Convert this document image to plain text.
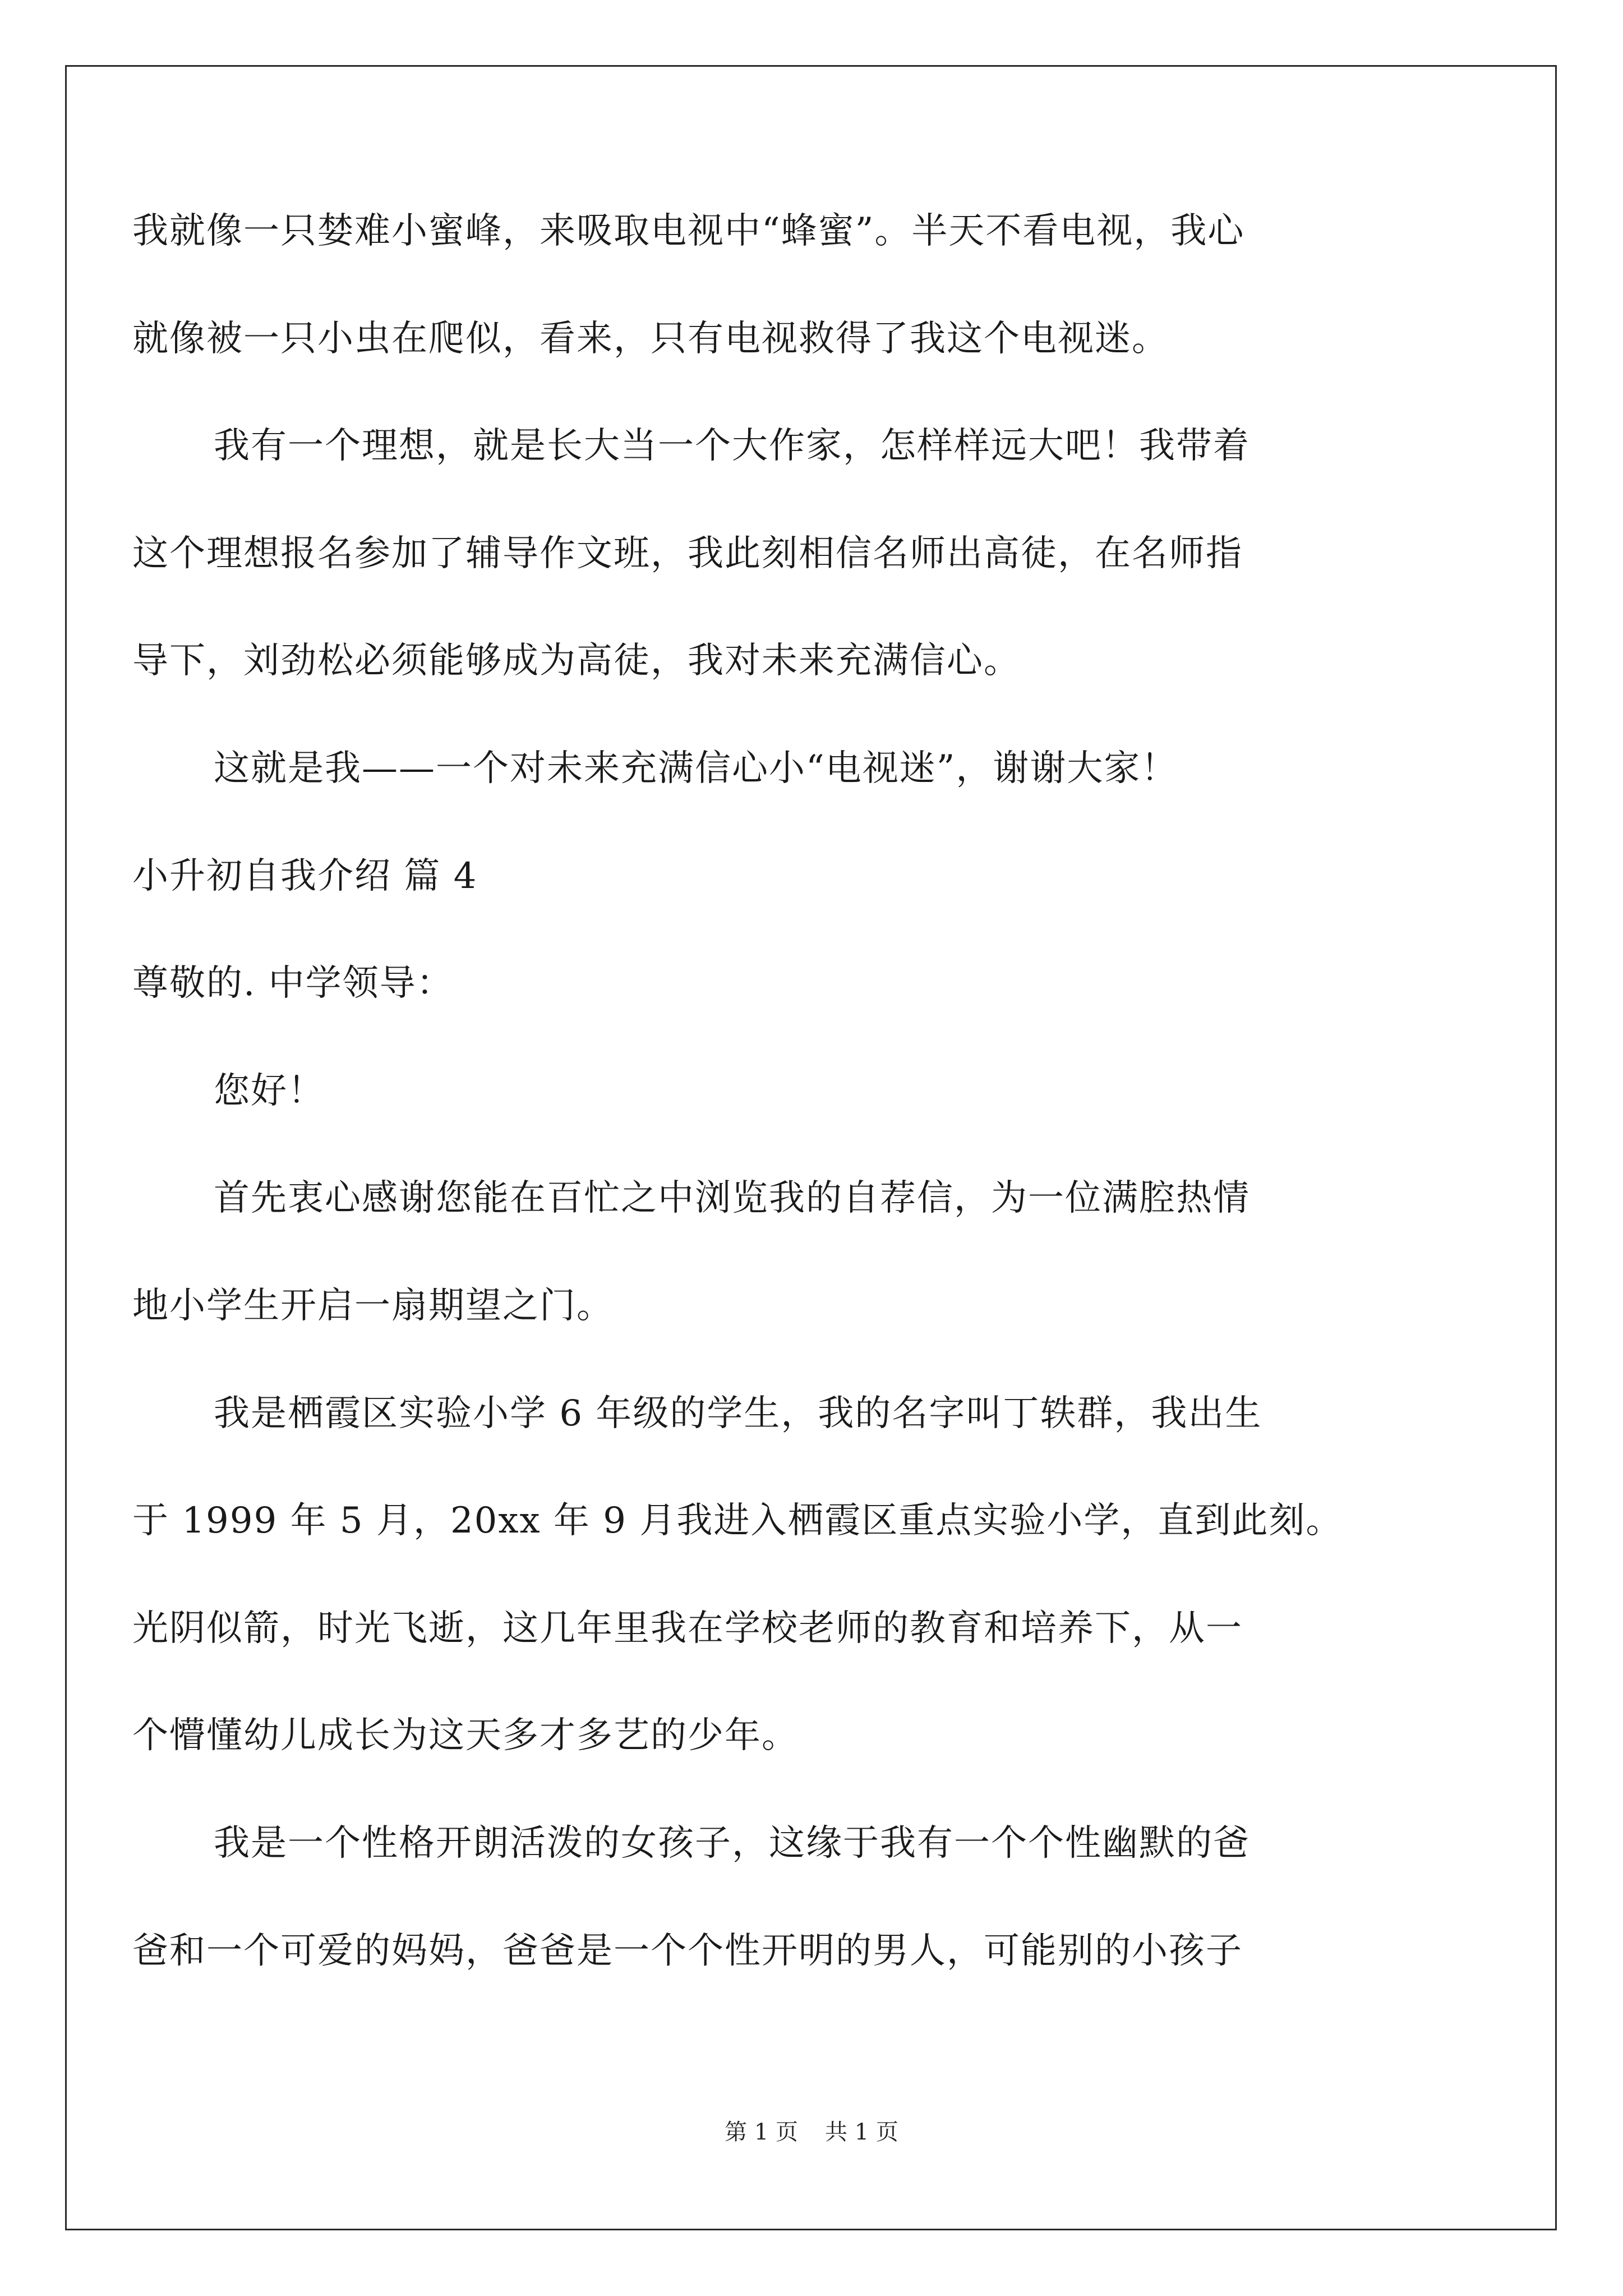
我就像一只婪难小蜜峰，来吸取电视中“蜂蜜”。半天不看电视，我心
就像被一只小虫在爬似，看来，只有电视救得了我这个电视迷。
我有一个理想，就是长大当一个大作家，怎样样远大吧！我带着
这个理想报名参加了辅导作文班，我此刻相信名师出高徒，在名师指
导下，刘劲松必须能够成为高徒，我对未来充满信心。
这就是我——一个对未来充满信心小“电视迷”，谢谢大家！
小升初自我介绍 篇 4
尊敬的. 中学领导：
您好！
首先衷心感谢您能在百忙之中浏览我的自荐信，为一位满腔热情
地小学生开启一扇期望之门。
我是栖霞区实验小学 6 年级的学生，我的名字叫丁轶群，我出生
于 1999 年 5 月，20xx 年 9 月我进入栖霞区重点实验小学，直到此刻。
光阴似箭，时光飞逝，这几年里我在学校老师的教育和培养下，从一
个懵懂幼儿成长为这天多才多艺的少年。
我是一个性格开朗活泼的女孩子，这缘于我有一个个性幽默的爸
爸和一个可爱的妈妈，爸爸是一个个性开明的男人，可能别的小孩子
第 1 页 共 1 页
